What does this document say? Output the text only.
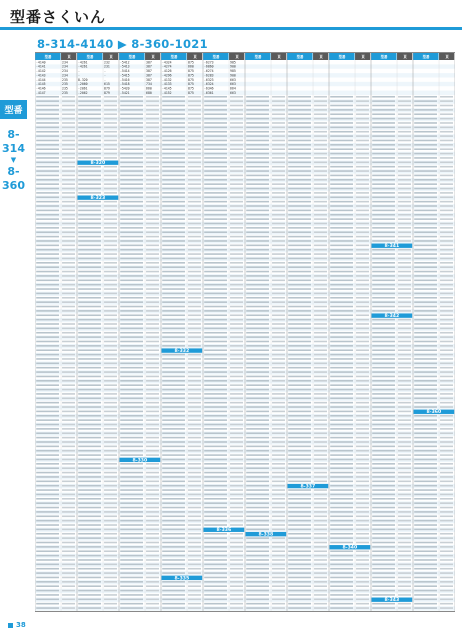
型番さくいん
8-314-4140 ▶ 8-360-1021
型番
8-314
▼
8-360
型番	頁	型番	頁	型番	頁	型番	頁	型番	頁	型番	頁	型番	頁	型番	頁	型番	頁	型番	頁
-4140	234	-4261	232	-5412	387	-4324	875	-6273	985
-4141	234	-4261	231	-5413	387	-4274	660	-6860	900
-4142	234	-	-	-5414	387	-4126	875	-6274	985
-4143	234	-	-	-5415	387	-4296	875	-6283	900
-4144	235	8-320	-	-5416	387	-4132	875	-6323	663
-4145	235	-2060	615	-5418	734	-4133	875	-6324	663
-4146	235	-2061	879	-5420	660	-4145	875	-6346	664
-4147	235	-2062	879	-5421	680	-4152	875	-6361	663
8-320
8-323
8-330
8-332
8-335
8-336
8-337
8-338
8-340
8-341
8-342
8-343
8-360
38
